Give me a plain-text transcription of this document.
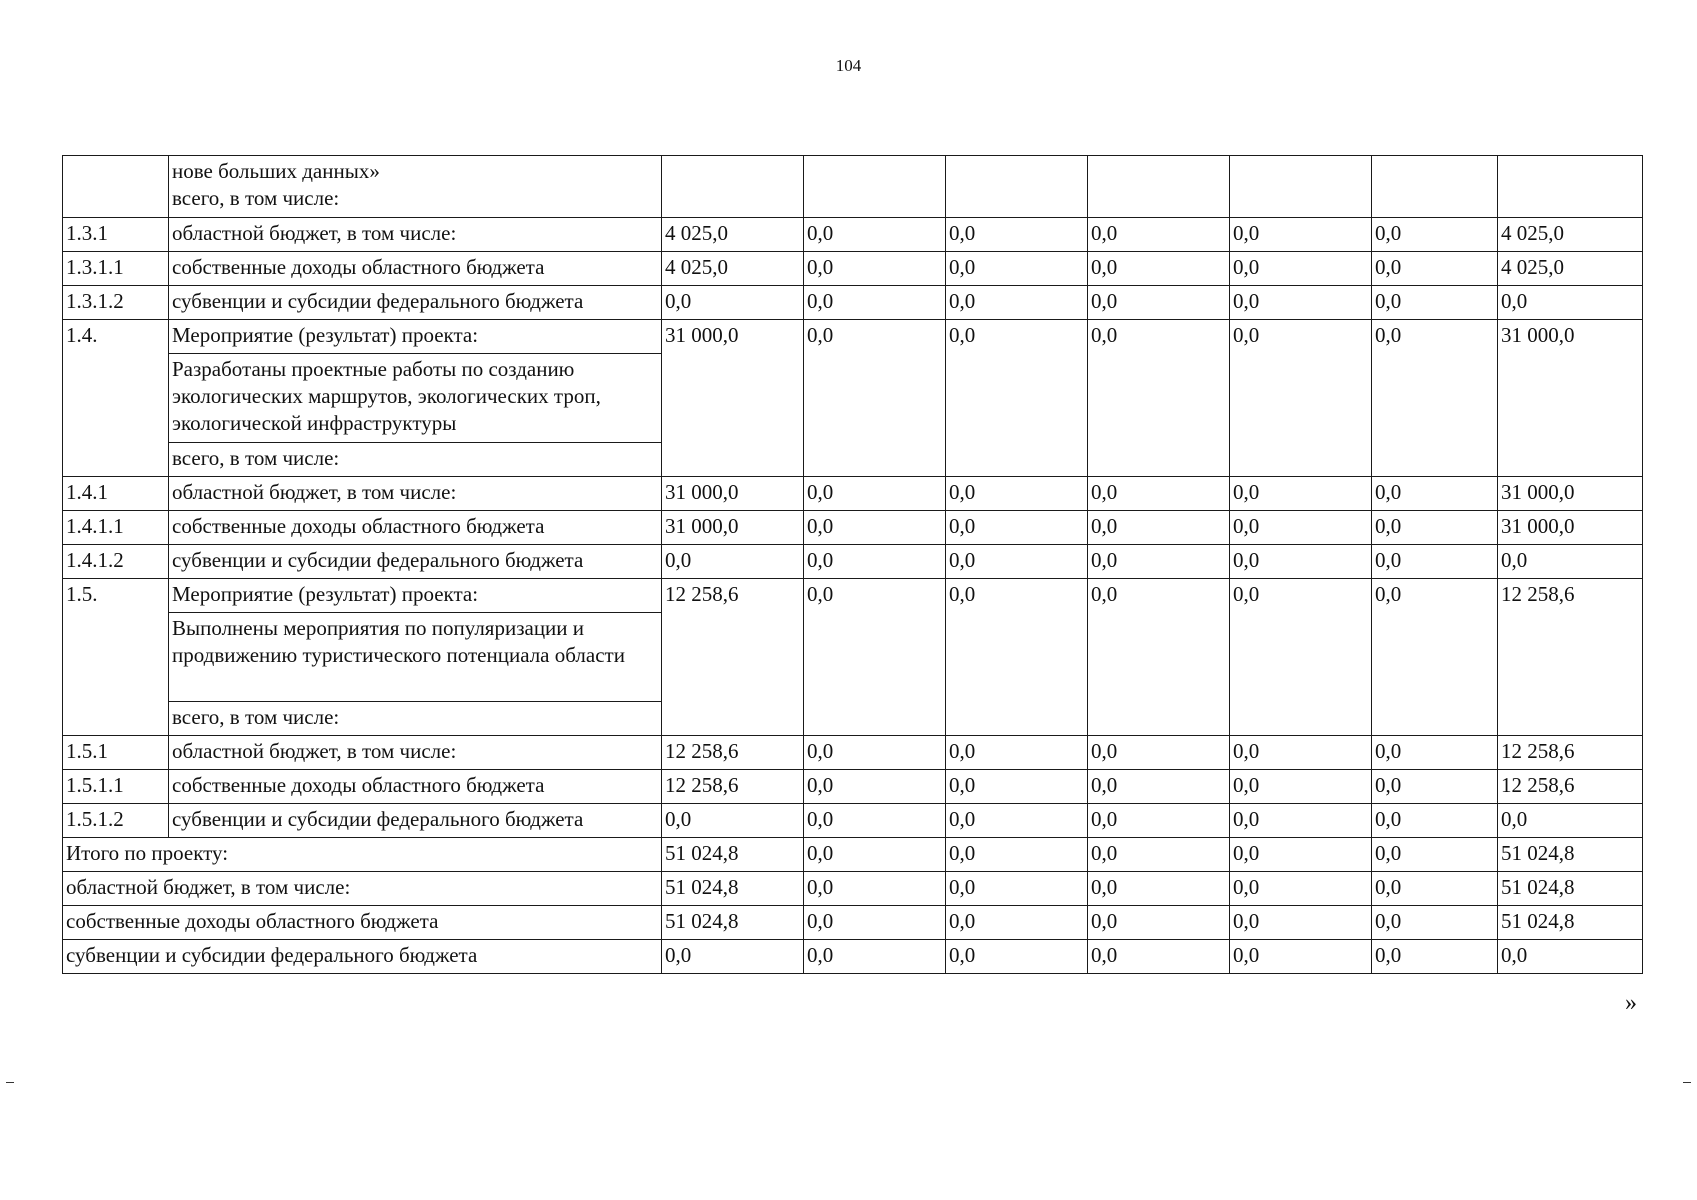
104

	нове больших данных»
всего, в том числе:							

1.3.1	областной бюджет, в том числе:	4 025,0	0,0	0,0	0,0	0,0	0,0	4 025,0
1.3.1.1	собственные доходы областного бюджета	4 025,0	0,0	0,0	0,0	0,0	0,0	4 025,0
1.3.1.2	субвенции и субсидии федерального бюджета	0,0	0,0	0,0	0,0	0,0	0,0	0,0
1.4.	Мероприятие (результат) проекта:	31 000,0	0,0	0,0	0,0	0,0	0,0	31 000,0
	Разработаны проектные работы по созданию экологических маршрутов, экологических троп, экологической инфраструктуры							
	всего, в том числе:							
1.4.1	областной бюджет, в том числе:	31 000,0	0,0	0,0	0,0	0,0	0,0	31 000,0
1.4.1.1	собственные доходы областного бюджета	31 000,0	0,0	0,0	0,0	0,0	0,0	31 000,0
1.4.1.2	субвенции и субсидии федерального бюджета	0,0	0,0	0,0	0,0	0,0	0,0	0,0
1.5.	Мероприятие (результат) проекта:	12 258,6	0,0	0,0	0,0	0,0	0,0	12 258,6
	Выполнены мероприятия по популяризации и продвижению туристического потенциала области							
	всего, в том числе:							
1.5.1	областной бюджет, в том числе:	12 258,6	0,0	0,0	0,0	0,0	0,0	12 258,6
1.5.1.1	собственные доходы областного бюджета	12 258,6	0,0	0,0	0,0	0,0	0,0	12 258,6
1.5.1.2	субвенции и субсидии федерального бюджета	0,0	0,0	0,0	0,0	0,0	0,0	0,0
Итого по проекту:		51 024,8	0,0	0,0	0,0	0,0	0,0	51 024,8
областной бюджет, в том числе:		51 024,8	0,0	0,0	0,0	0,0	0,0	51 024,8
собственные доходы областного бюджета		51 024,8	0,0	0,0	0,0	0,0	0,0	51 024,8
субвенции и субсидии федерального бюджета		0,0	0,0	0,0	0,0	0,0	0,0	0,0
»
